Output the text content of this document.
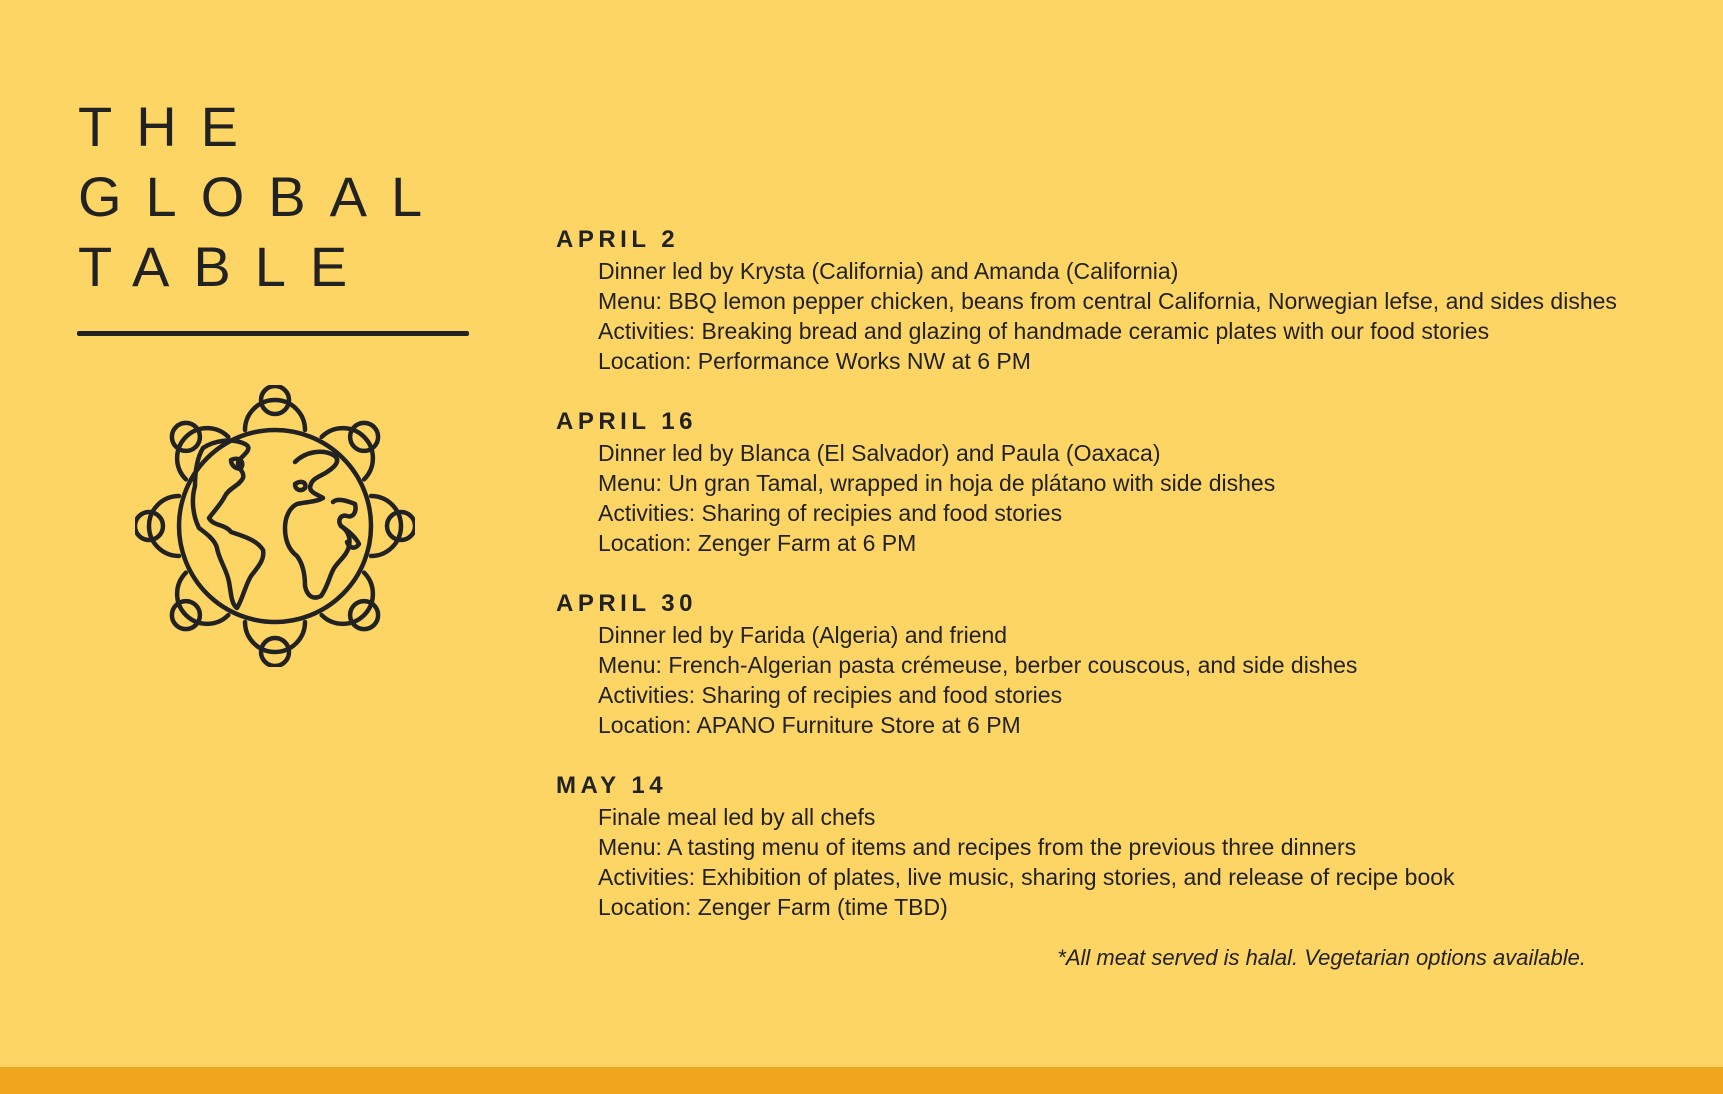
THE
GLOBAL
TABLE	APRIL 2
Dinner led by Krysta (California) and Amanda (California)
Menu: BBQ lemon pepper chicken, beans from central California, Norwegian lefse, and sides dishes
Activities: Breaking bread and glazing of handmade ceramic plates with our food stories
Location: Performance Works NW at 6 PM
APRIL 16
Dinner led by Blanca (El Salvador) and Paula (Oaxaca)
Menu: Un gran Tamal, wrapped in hoja de plátano with side dishes
Activities: Sharing of recipies and food stories
Location: Zenger Farm at 6 PM
APRIL 30
Dinner led by Farida (Algeria) and friend
Menu: French-Algerian pasta crémeuse, berber couscous, and side dishes
Activities: Sharing of recipies and food stories
Location: APANO Furniture Store at 6 PM
MAY 14
Finale meal led by all chefs
Menu: A tasting menu of items and recipes from the previous three dinners
Activities: Exhibition of plates, live music, sharing stories, and release of recipe book
Location: Zenger Farm (time TBD)
*All meat served is halal. Vegetarian options available.
